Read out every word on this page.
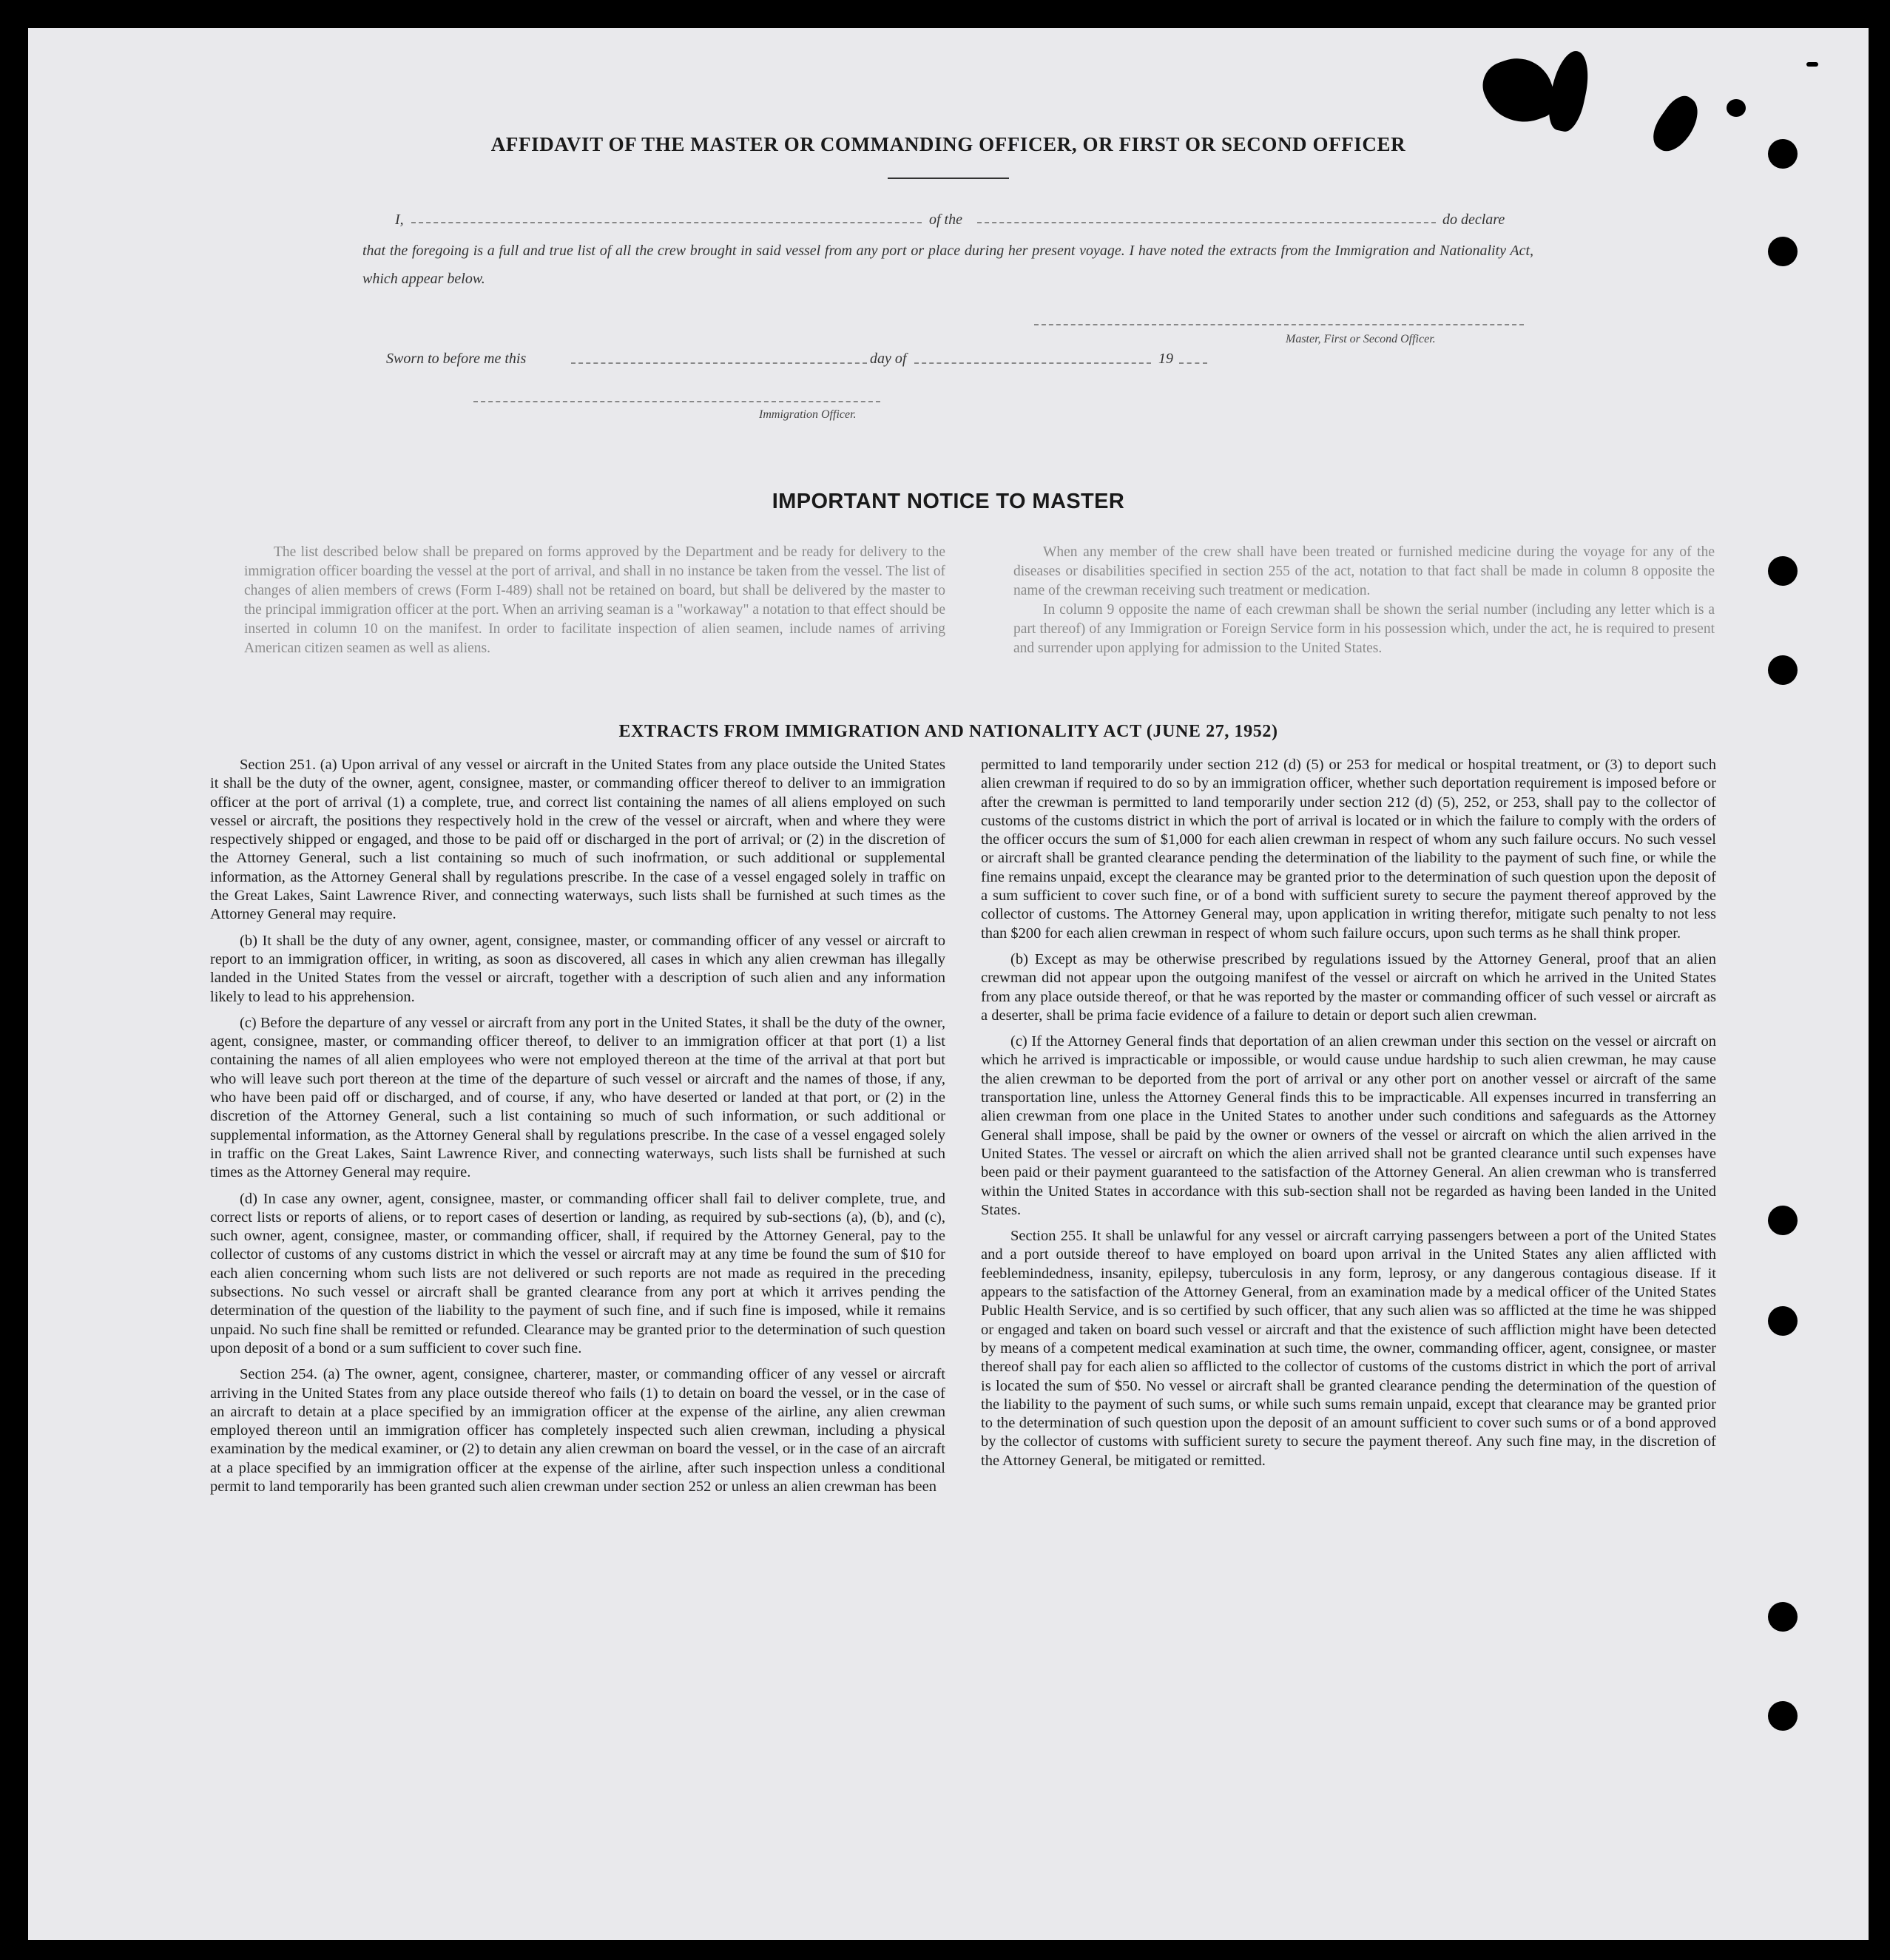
AFFIDAVIT OF THE MASTER OR COMMANDING OFFICER, OR FIRST OR SECOND OFFICER
I,	of the	do declare
that the foregoing is a full and true list of all the crew brought in said vessel from any port or place during her present voyage. I have noted the extracts from the Immigration and Nationality Act, which appear below.
Master, First or Second Officer.
Sworn to before me this	day of	19
Immigration Officer.
IMPORTANT NOTICE TO MASTER

The list described below shall be prepared on forms approved by the Department and be ready for delivery to the immigration officer boarding the vessel at the port of arrival, and shall in no instance be taken from the vessel. The list of changes of alien members of crews (Form I-489) shall not be retained on board, but shall be delivered by the master to the principal immigration officer at the port. When an arriving seaman is a "workaway" a notation to that effect should be inserted in column 10 on the manifest. In order to facilitate inspection of alien seamen, include names of arriving American citizen seamen as well as aliens.

When any member of the crew shall have been treated or furnished medicine during the voyage for any of the diseases or disabilities specified in section 255 of the act, notation to that fact shall be made in column 8 opposite the name of the crewman receiving such treatment or medication.

In column 9 opposite the name of each crewman shall be shown the serial number (including any letter which is a part thereof) of any Immigration or Foreign Service form in his possession which, under the act, he is required to present and surrender upon applying for admission to the United States.

EXTRACTS FROM IMMIGRATION AND NATIONALITY ACT (JUNE 27, 1952)

Section 251. (a) Upon arrival of any vessel or aircraft in the United States from any place outside the United States it shall be the duty of the owner, agent, consignee, master, or commanding officer thereof to deliver to an immigration officer at the port of arrival (1) a complete, true, and correct list containing the names of all aliens employed on such vessel or aircraft, the positions they respectively hold in the crew of the vessel or aircraft, when and where they were respectively shipped or engaged, and those to be paid off or discharged in the port of arrival; or (2) in the discretion of the Attorney General, such a list containing so much of such inofrmation, or such additional or supplemental information, as the Attorney General shall by regulations prescribe. In the case of a vessel engaged solely in traffic on the Great Lakes, Saint Lawrence River, and connecting waterways, such lists shall be furnished at such times as the Attorney General may require.

(b) It shall be the duty of any owner, agent, consignee, master, or commanding officer of any vessel or aircraft to report to an immigration officer, in writing, as soon as discovered, all cases in which any alien crewman has illegally landed in the United States from the vessel or aircraft, together with a description of such alien and any information likely to lead to his apprehension.

(c) Before the departure of any vessel or aircraft from any port in the United States, it shall be the duty of the owner, agent, consignee, master, or commanding officer thereof, to deliver to an immigration officer at that port (1) a list containing the names of all alien employees who were not employed thereon at the time of the arrival at that port but who will leave such port thereon at the time of the departure of such vessel or aircraft and the names of those, if any, who have been paid off or discharged, and of course, if any, who have deserted or landed at that port, or (2) in the discretion of the Attorney General, such a list containing so much of such information, or such additional or supplemental information, as the Attorney General shall by regulations prescribe. In the case of a vessel engaged solely in traffic on the Great Lakes, Saint Lawrence River, and connecting waterways, such lists shall be furnished at such times as the Attorney General may require.

(d) In case any owner, agent, consignee, master, or commanding officer shall fail to deliver complete, true, and correct lists or reports of aliens, or to report cases of desertion or landing, as required by sub-sections (a), (b), and (c), such owner, agent, consignee, master, or commanding officer, shall, if required by the Attorney General, pay to the collector of customs of any customs district in which the vessel or aircraft may at any time be found the sum of $10 for each alien concerning whom such lists are not delivered or such reports are not made as required in the preceding subsections. No such vessel or aircraft shall be granted clearance from any port at which it arrives pending the determination of the question of the liability to the payment of such fine, and if such fine is imposed, while it remains unpaid. No such fine shall be remitted or refunded. Clearance may be granted prior to the determination of such question upon deposit of a bond or a sum sufficient to cover such fine.

Section 254. (a) The owner, agent, consignee, charterer, master, or commanding officer of any vessel or aircraft arriving in the United States from any place outside thereof who fails (1) to detain on board the vessel, or in the case of an aircraft to detain at a place specified by an immigration officer at the expense of the airline, any alien crewman employed thereon until an immigration officer has completely inspected such alien crewman, including a physical examination by the medical examiner, or (2) to detain any alien crewman on board the vessel, or in the case of an aircraft at a place specified by an immigration officer at the expense of the airline, after such inspection unless a conditional permit to land temporarily has been granted such alien crewman under section 252 or unless an alien crewman has been

permitted to land temporarily under section 212 (d) (5) or 253 for medical or hospital treatment, or (3) to deport such alien crewman if required to do so by an immigration officer, whether such deportation requirement is imposed before or after the crewman is permitted to land temporarily under section 212 (d) (5), 252, or 253, shall pay to the collector of customs of the customs district in which the port of arrival is located or in which the failure to comply with the orders of the officer occurs the sum of $1,000 for each alien crewman in respect of whom any such failure occurs. No such vessel or aircraft shall be granted clearance pending the determination of the liability to the payment of such fine, or while the fine remains unpaid, except the clearance may be granted prior to the determination of such question upon the deposit of a sum sufficient to cover such fine, or of a bond with sufficient surety to secure the payment thereof approved by the collector of customs. The Attorney General may, upon application in writing therefor, mitigate such penalty to not less than $200 for each alien crewman in respect of whom such failure occurs, upon such terms as he shall think proper.

(b) Except as may be otherwise prescribed by regulations issued by the Attorney General, proof that an alien crewman did not appear upon the outgoing manifest of the vessel or aircraft on which he arrived in the United States from any place outside thereof, or that he was reported by the master or commanding officer of such vessel or aircraft as a deserter, shall be prima facie evidence of a failure to detain or deport such alien crewman.

(c) If the Attorney General finds that deportation of an alien crewman under this section on the vessel or aircraft on which he arrived is impracticable or impossible, or would cause undue hardship to such alien crewman, he may cause the alien crewman to be deported from the port of arrival or any other port on another vessel or aircraft of the same transportation line, unless the Attorney General finds this to be impracticable. All expenses incurred in transferring an alien crewman from one place in the United States to another under such conditions and safeguards as the Attorney General shall impose, shall be paid by the owner or owners of the vessel or aircraft on which the alien arrived in the United States. The vessel or aircraft on which the alien arrived shall not be granted clearance until such expenses have been paid or their payment guaranteed to the satisfaction of the Attorney General. An alien crewman who is transferred within the United States in accordance with this sub-section shall not be regarded as having been landed in the United States.

Section 255. It shall be unlawful for any vessel or aircraft carrying passengers between a port of the United States and a port outside thereof to have employed on board upon arrival in the United States any alien afflicted with feeblemindedness, insanity, epilepsy, tuberculosis in any form, leprosy, or any dangerous contagious disease. If it appears to the satisfaction of the Attorney General, from an examination made by a medical officer of the United States Public Health Service, and is so certified by such officer, that any such alien was so afflicted at the time he was shipped or engaged and taken on board such vessel or aircraft and that the existence of such affliction might have been detected by means of a competent medical examination at such time, the owner, commanding officer, agent, consignee, or master thereof shall pay for each alien so afflicted to the collector of customs of the customs district in which the port of arrival is located the sum of $50. No vessel or aircraft shall be granted clearance pending the determination of the question of the liability to the payment of such sums, or while such sums remain unpaid, except that clearance may be granted prior to the determination of such question upon the deposit of an amount sufficient to cover such sums or of a bond approved by the collector of customs with sufficient surety to secure the payment thereof. Any such fine may, in the discretion of the Attorney General, be mitigated or remitted.
